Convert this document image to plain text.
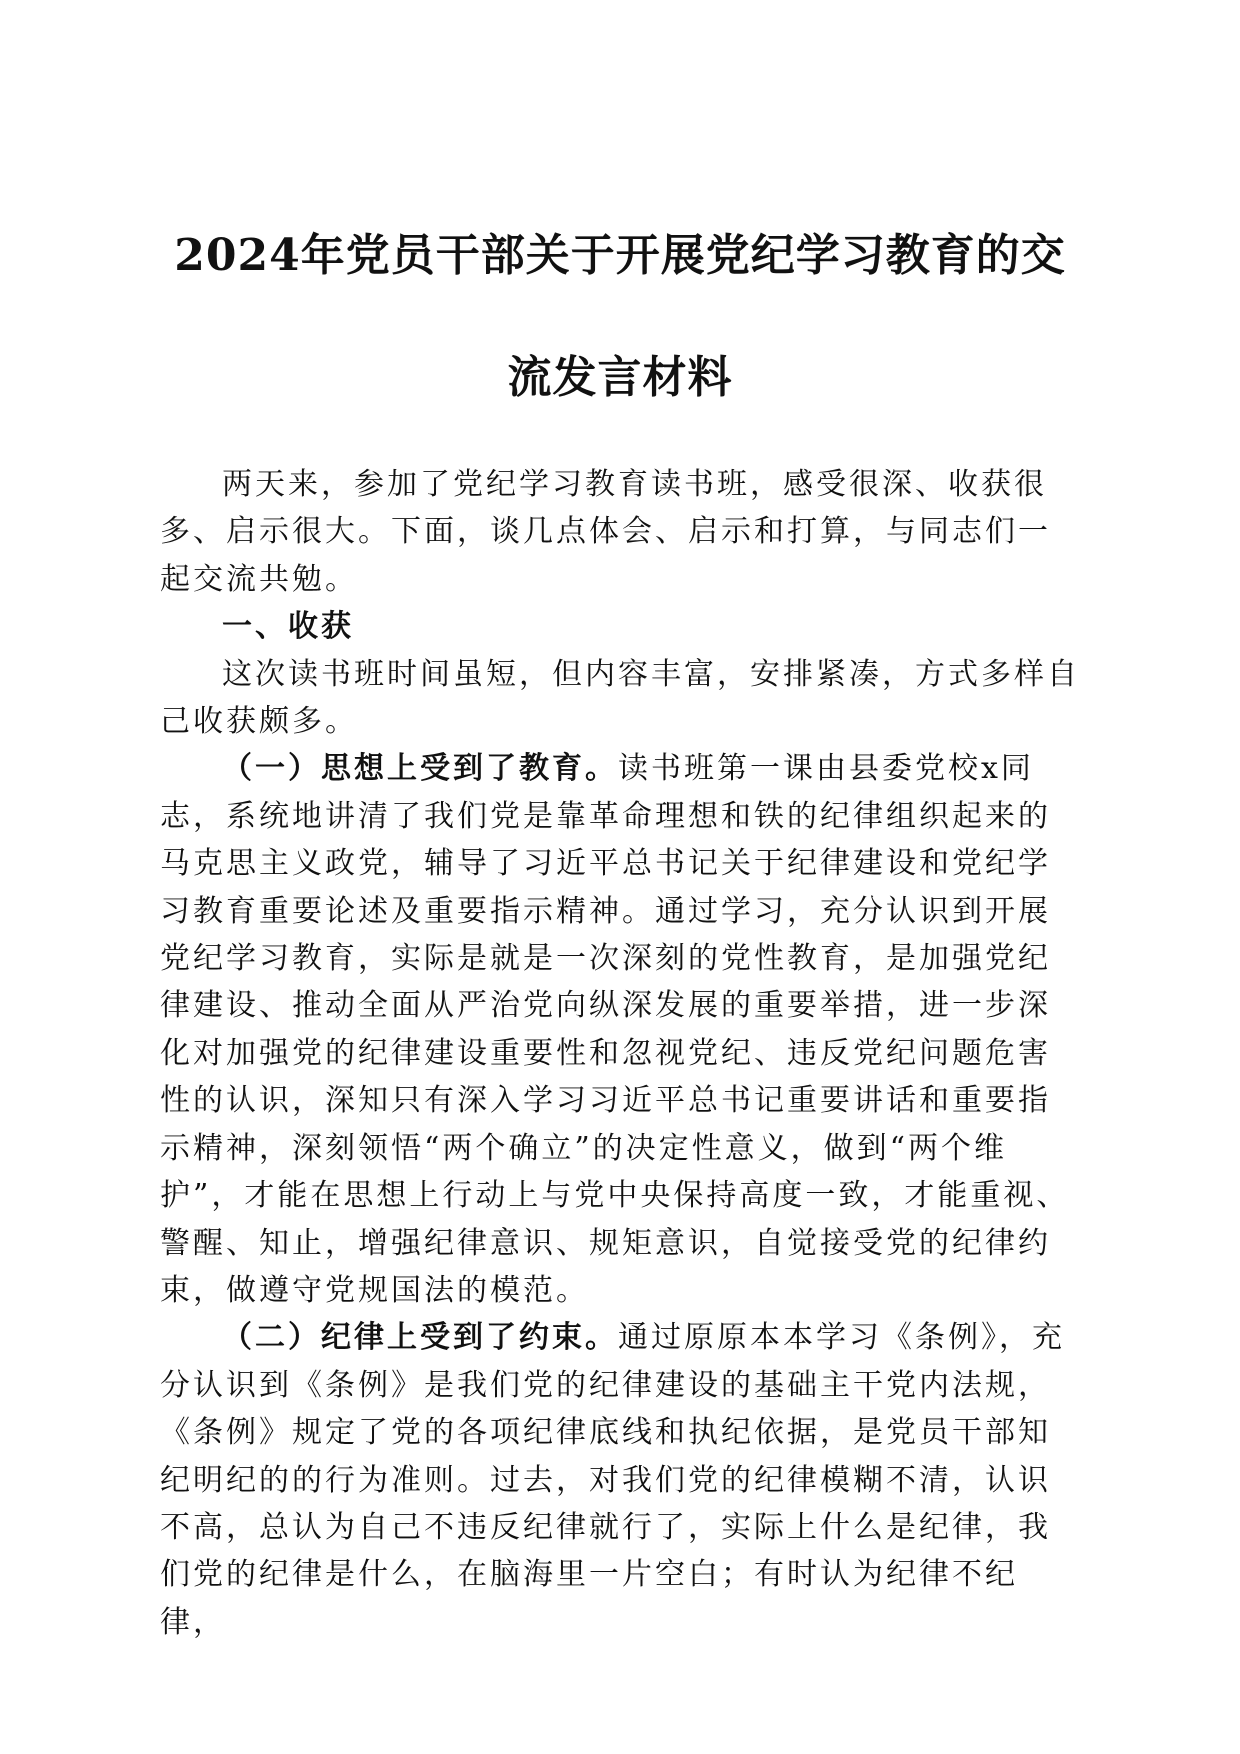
2024年党员干部关于开展党纪学习教育的交
流发言材料

两天来，参加了党纪学习教育读书班，感受很深、收获很多、启示很大。下面，谈几点体会、启示和打算，与同志们一起交流共勉。

一、收获

这次读书班时间虽短，但内容丰富，安排紧凑，方式多样自己收获颇多。

（一）思想上受到了教育。读书班第一课由县委党校x同志，系统地讲清了我们党是靠革命理想和铁的纪律组织起来的马克思主义政党，辅导了习近平总书记关于纪律建设和党纪学习教育重要论述及重要指示精神。通过学习，充分认识到开展党纪学习教育，实际是就是一次深刻的党性教育，是加强党纪律建设、推动全面从严治党向纵深发展的重要举措，进一步深化对加强党的纪律建设重要性和忽视党纪、违反党纪问题危害性的认识，深知只有深入学习习近平总书记重要讲话和重要指示精神，深刻领悟“两个确立”的决定性意义，做到“两个维护”，才能在思想上行动上与党中央保持高度一致，才能重视、警醒、知止，增强纪律意识、规矩意识，自觉接受党的纪律约束，做遵守党规国法的模范。

（二）纪律上受到了约束。通过原原本本学习《条例》，充分认识到《条例》是我们党的纪律建设的基础主干党内法规，《条例》规定了党的各项纪律底线和执纪依据，是党员干部知纪明纪的的行为准则。过去，对我们党的纪律模糊不清，认识不高，总认为自己不违反纪律就行了，实际上什么是纪律，我们党的纪律是什么，在脑海里一片空白；有时认为纪律不纪律，
